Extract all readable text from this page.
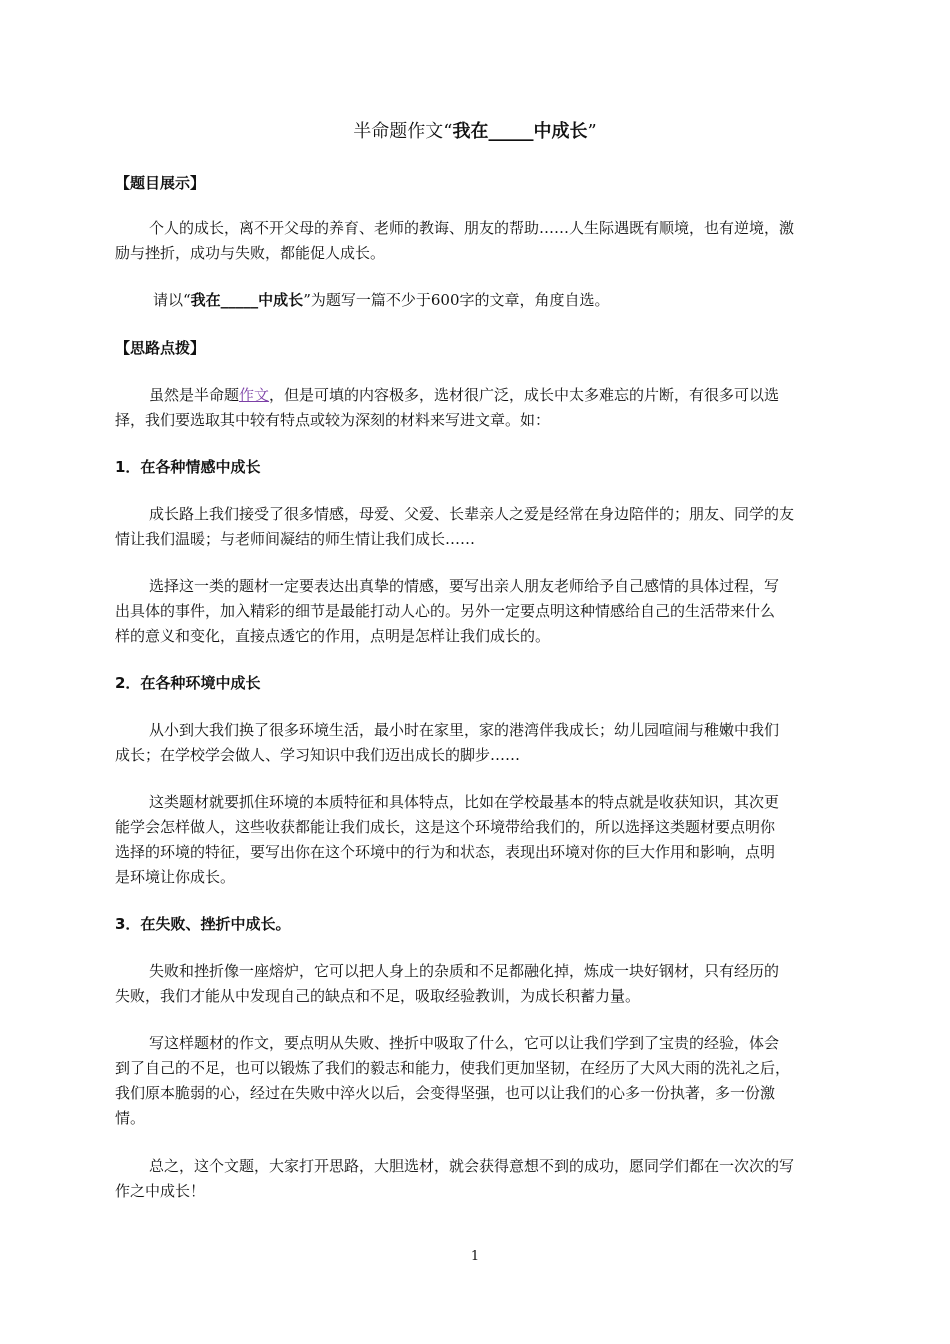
半命题作文“我在_____中成长”
【题目展示】
个人的成长，离不开父母的养育、老师的教诲、朋友的帮助……人生际遇既有顺境，也有逆境，激
励与挫折，成功与失败，都能促人成长。
请以“我在_____中成长”为题写一篇不少于600字的文章，角度自选。
【思路点拨】
虽然是半命题作文，但是可填的内容极多，选材很广泛，成长中太多难忘的片断，有很多可以选
择，我们要选取其中较有特点或较为深刻的材料来写进文章。如：
1．在各种情感中成长
成长路上我们接受了很多情感，母爱、父爱、长辈亲人之爱是经常在身边陪伴的；朋友、同学的友
情让我们温暖；与老师间凝结的师生情让我们成长……
选择这一类的题材一定要表达出真挚的情感，要写出亲人朋友老师给予自己感情的具体过程，写
出具体的事件，加入精彩的细节是最能打动人心的。另外一定要点明这种情感给自己的生活带来什么
样的意义和变化，直接点透它的作用，点明是怎样让我们成长的。
2．在各种环境中成长
从小到大我们换了很多环境生活，最小时在家里，家的港湾伴我成长；幼儿园喧闹与稚嫩中我们
成长；在学校学会做人、学习知识中我们迈出成长的脚步……
这类题材就要抓住环境的本质特征和具体特点，比如在学校最基本的特点就是收获知识，其次更
能学会怎样做人，这些收获都能让我们成长，这是这个环境带给我们的，所以选择这类题材要点明你
选择的环境的特征，要写出你在这个环境中的行为和状态，表现出环境对你的巨大作用和影响，点明
是环境让你成长。
3．在失败、挫折中成长。
失败和挫折像一座熔炉，它可以把人身上的杂质和不足都融化掉，炼成一块好钢材，只有经历的
失败，我们才能从中发现自己的缺点和不足，吸取经验教训，为成长积蓄力量。
写这样题材的作文，要点明从失败、挫折中吸取了什么，它可以让我们学到了宝贵的经验，体会
到了自己的不足，也可以锻炼了我们的毅志和能力，使我们更加坚韧，在经历了大风大雨的洗礼之后，
我们原本脆弱的心，经过在失败中淬火以后，会变得坚强，也可以让我们的心多一份执著，多一份激
情。
总之，这个文题，大家打开思路，大胆选材，就会获得意想不到的成功，愿同学们都在一次次的写
作之中成长！
1
